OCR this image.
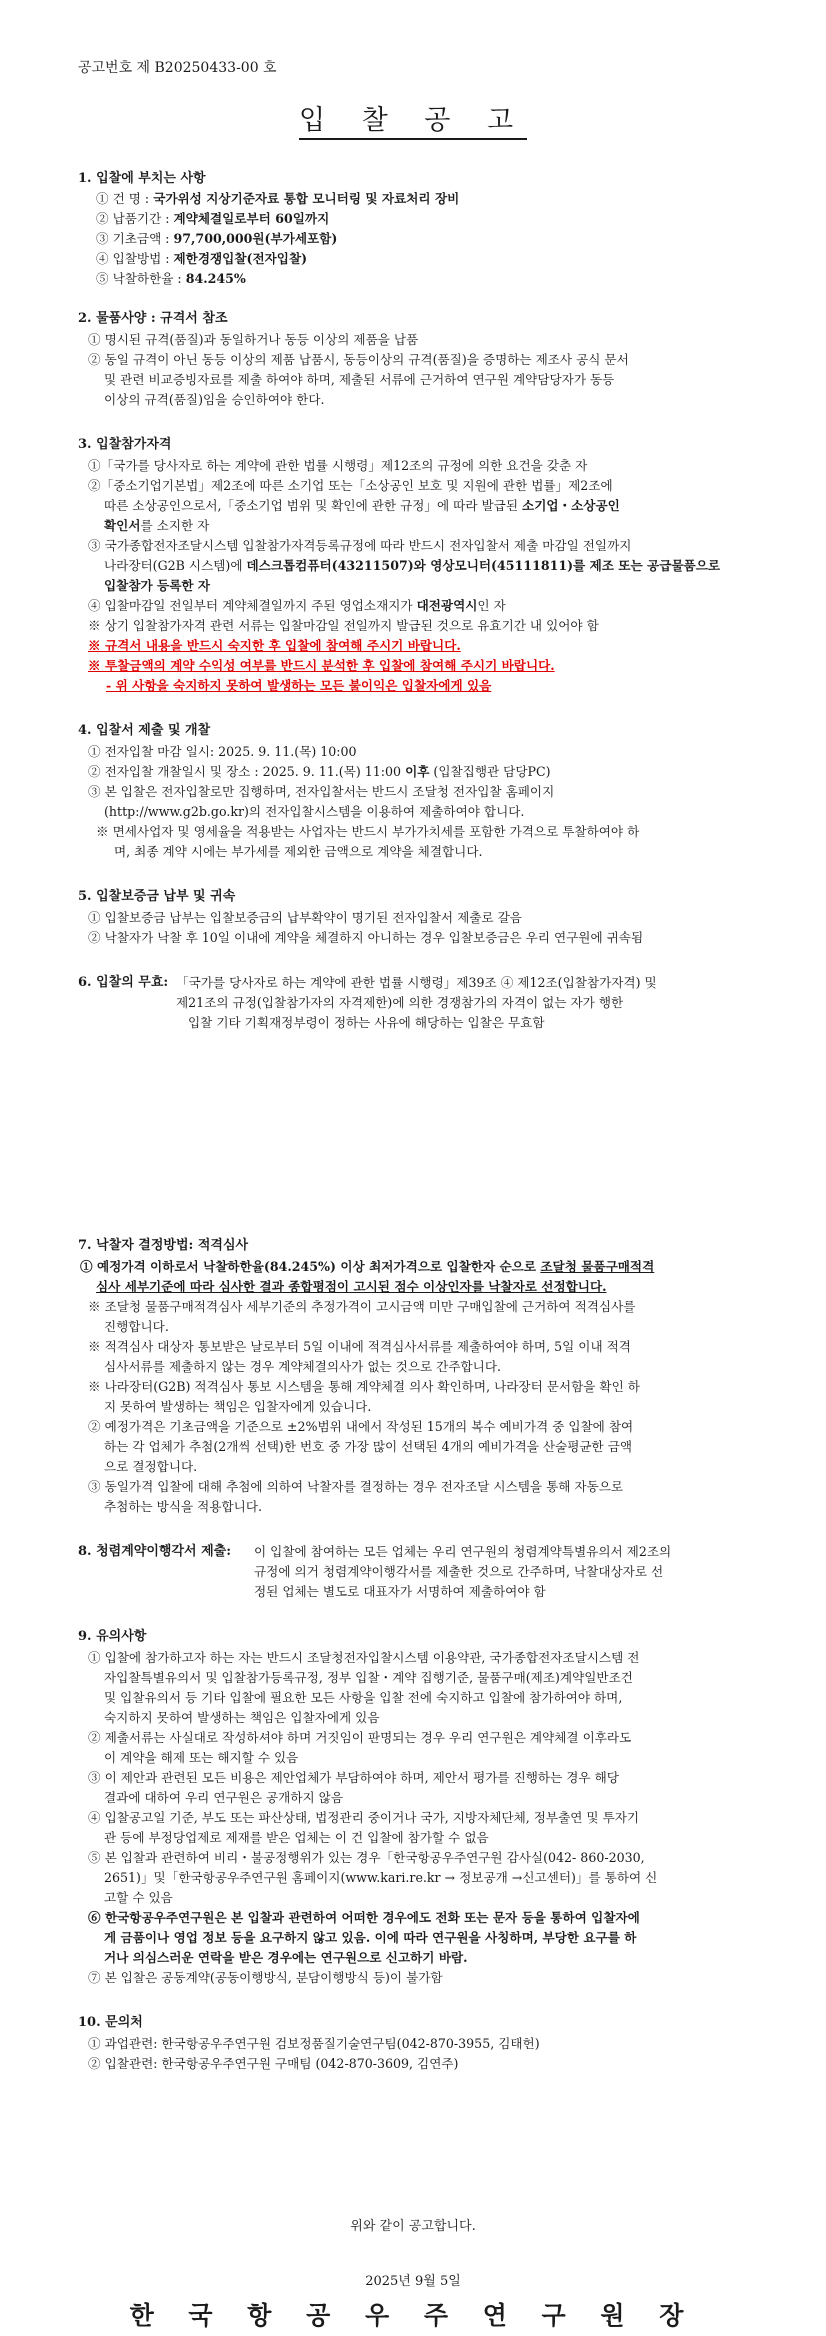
공고번호 제 B20250433-00 호
입 찰 공 고
1. 입찰에 부치는 사항
① 건 명 : 국가위성 지상기준자료 통합 모니터링 및 자료처리 장비
② 납품기간 : 계약체결일로부터 60일까지
③ 기초금액 : 97,700,000원(부가세포함)
④ 입찰방법 : 제한경쟁입찰(전자입찰)
⑤ 낙찰하한율 : 84.245%
2. 물품사양 : 규격서 참조
① 명시된 규격(품질)과 동일하거나 동등 이상의 제품을 납품
② 동일 규격이 아닌 동등 이상의 제품 납품시, 동등이상의 규격(품질)을 증명하는 제조사 공식 문서
및 관련 비교증빙자료를 제출 하여야 하며, 제출된 서류에 근거하여 연구원 계약담당자가 동등
이상의 규격(품질)임을 승인하여야 한다.
3. 입찰참가자격
①「국가를 당사자로 하는 계약에 관한 법률 시행령」제12조의 규정에 의한 요건을 갖춘 자
②「중소기업기본법」제2조에 따른 소기업 또는「소상공인 보호 및 지원에 관한 법률」제2조에
따른 소상공인으로서,「중소기업 범위 및 확인에 관한 규정」에 따라 발급된 소기업・소상공인
확인서를 소지한 자
③ 국가종합전자조달시스템 입찰참가자격등록규정에 따라 반드시 전자입찰서 제출 마감일 전일까지
나라장터(G2B 시스템)에 데스크톱컴퓨터(43211507)와 영상모니터(45111811)를 제조 또는 공급물품으로
입찰참가 등록한 자
④ 입찰마감일 전일부터 계약체결일까지 주된 영업소재지가 대전광역시인 자
※ 상기 입찰참가자격 관련 서류는 입찰마감일 전일까지 발급된 것으로 유효기간 내 있어야 함
※ 규격서 내용을 반드시 숙지한 후 입찰에 참여해 주시기 바랍니다.
※ 투찰금액의 계약 수익성 여부를 반드시 분석한 후 입찰에 참여해 주시기 바랍니다.
- 위 사항을 숙지하지 못하여 발생하는 모든 불이익은 입찰자에게 있음
4. 입찰서 제출 및 개찰
① 전자입찰 마감 일시: 2025. 9. 11.(목) 10:00
② 전자입찰 개찰일시 및 장소 : 2025. 9. 11.(목) 11:00 이후 (입찰집행관 담당PC)
③ 본 입찰은 전자입찰로만 집행하며, 전자입찰서는 반드시 조달청 전자입찰 홈페이지
(http://www.g2b.go.kr)의 전자입찰시스템을 이용하여 제출하여야 합니다.
※ 면세사업자 및 영세율을 적용받는 사업자는 반드시 부가가치세를 포함한 가격으로 투찰하여야 하
며, 최종 계약 시에는 부가세를 제외한 금액으로 계약을 체결합니다.
5. 입찰보증금 납부 및 귀속
① 입찰보증금 납부는 입찰보증금의 납부확약이 명기된 전자입찰서 제출로 갈음
② 낙찰자가 낙찰 후 10일 이내에 계약을 체결하지 아니하는 경우 입찰보증금은 우리 연구원에 귀속됨
6. 입찰의 무효: 「국가를 당사자로 하는 계약에 관한 법률 시행령」제39조 ④ 제12조(입찰참가자격) 및
제21조의 규정(입찰참가자의 자격제한)에 의한 경쟁참가의 자격이 없는 자가 행한
입찰 기타 기획재정부령이 정하는 사유에 해당하는 입찰은 무효함
7. 낙찰자 결정방법: 적격심사
① 예정가격 이하로서 낙찰하한율(84.245%) 이상 최저가격으로 입찰한자 순으로 조달청 물품구매적격
심사 세부기준에 따라 심사한 결과 종합평점이 고시된 점수 이상인자를 낙찰자로 선정합니다.
※ 조달청 물품구매적격심사 세부기준의 추정가격이 고시금액 미만 구매입찰에 근거하여 적격심사를
진행합니다.
※ 적격심사 대상자 통보받은 날로부터 5일 이내에 적격심사서류를 제출하여야 하며, 5일 이내 적격
심사서류를 제출하지 않는 경우 계약체결의사가 없는 것으로 간주합니다.
※ 나라장터(G2B) 적격심사 통보 시스템을 통해 계약체결 의사 확인하며, 나라장터 문서함을 확인 하
지 못하여 발생하는 책임은 입찰자에게 있습니다.
② 예정가격은 기초금액을 기준으로 ±2%범위 내에서 작성된 15개의 복수 예비가격 중 입찰에 참여
하는 각 업체가 추첨(2개씩 선택)한 번호 중 가장 많이 선택된 4개의 예비가격을 산술평균한 금액
으로 결정합니다.
③ 동일가격 입찰에 대해 추첨에 의하여 낙찰자를 결정하는 경우 전자조달 시스템을 통해 자동으로
추첨하는 방식을 적용합니다.
8. 청렴계약이행각서 제출: 이 입찰에 참여하는 모든 업체는 우리 연구원의 청렴계약특별유의서 제2조의
규정에 의거 청렴계약이행각서를 제출한 것으로 간주하며, 낙찰대상자로 선
정된 업체는 별도로 대표자가 서명하여 제출하여야 함
9. 유의사항
① 입찰에 참가하고자 하는 자는 반드시 조달청전자입찰시스템 이용약관, 국가종합전자조달시스템 전
자입찰특별유의서 및 입찰참가등록규정, 정부 입찰・계약 집행기준, 물품구매(제조)계약일반조건
및 입찰유의서 등 기타 입찰에 필요한 모든 사항을 입찰 전에 숙지하고 입찰에 참가하여야 하며,
숙지하지 못하여 발생하는 책임은 입찰자에게 있음
② 제출서류는 사실대로 작성하셔야 하며 거짓임이 판명되는 경우 우리 연구원은 계약체결 이후라도
이 계약을 해제 또는 해지할 수 있음
③ 이 제안과 관련된 모든 비용은 제안업체가 부담하여야 하며, 제안서 평가를 진행하는 경우 해당
결과에 대하여 우리 연구원은 공개하지 않음
④ 입찰공고일 기준, 부도 또는 파산상태, 법정관리 중이거나 국가, 지방자체단체, 정부출연 및 투자기
관 등에 부정당업제로 제재를 받은 업체는 이 건 입찰에 참가할 수 없음
⑤ 본 입찰과 관련하여 비리・불공정행위가 있는 경우「한국항공우주연구원 감사실(042- 860-2030,
2651)」및「한국항공우주연구원 홈페이지(www.kari.re.kr → 정보공개 →신고센터)」를 통하여 신
고할 수 있음
⑥ 한국항공우주연구원은 본 입찰과 관련하여 어떠한 경우에도 전화 또는 문자 등을 통하여 입찰자에
게 금품이나 영업 정보 등을 요구하지 않고 있음. 이에 따라 연구원을 사칭하며, 부당한 요구를 하
거나 의심스러운 연락을 받은 경우에는 연구원으로 신고하기 바람.
⑦ 본 입찰은 공동계약(공동이행방식, 분담이행방식 등)이 불가함
10. 문의처
① 과업관련: 한국항공우주연구원 검보정품질기술연구팀(042-870-3955, 김태헌)
② 입찰관련: 한국항공우주연구원 구매팀 (042-870-3609, 김연주)
위와 같이 공고합니다.
2025년 9월 5일
한 국 항 공 우 주 연 구 원 장
